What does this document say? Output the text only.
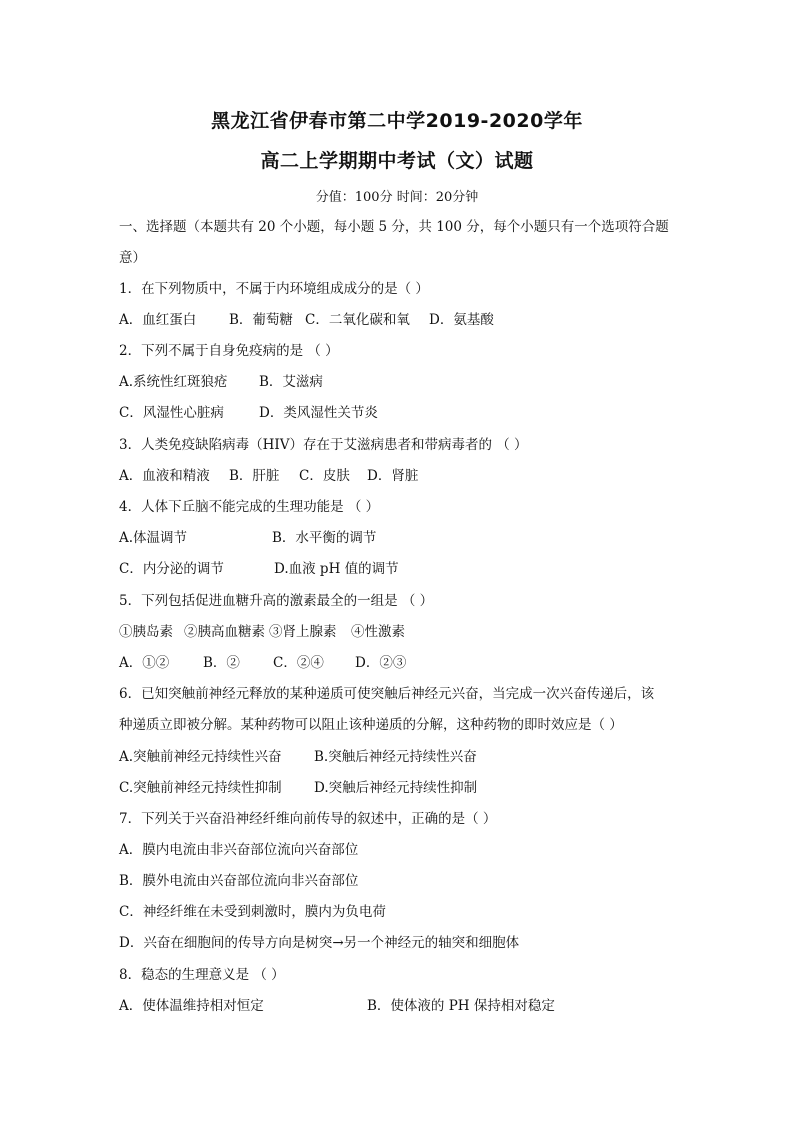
黑龙江省伊春市第二中学2019-2020学年
高二上学期期中考试（文）试题
分值：100分 时间：20分钟
一、选择题（本题共有 20 个小题，每小题 5 分，共 100 分，每个小题只有一个选项符合题
意）
1．在下列物质中，不属于内环境组成成分的是（ ）
A．血红蛋白 B．葡萄糖 C．二氧化碳和氧 D．氨基酸
2．下列不属于自身免疫病的是 （ ）
A.系统性红斑狼疮 B．艾滋病
C．风湿性心脏病	D．类风湿性关节炎
3．人类免疫缺陷病毒（HIV）存在于艾滋病患者和带病毒者的 （ ）
A．血液和精液 B．肝脏 C．皮肤 D．肾脏
4．人体下丘脑不能完成的生理功能是 （ ）
A.体温调节	B．水平衡的调节
C．内分泌的调节	D.血液 pH 值的调节
5．下列包括促进血糖升高的激素最全的一组是 （ ）
①胰岛素 ②胰高血糖素 ③肾上腺素 ④性激素
A．①②	B．② C．②④ D．②③
6．已知突触前神经元释放的某种递质可使突触后神经元兴奋，当完成一次兴奋传递后，该
种递质立即被分解。某种药物可以阻止该种递质的分解，这种药物的即时效应是（ ）
A.突触前神经元持续性兴奋 B.突触后神经元持续性兴奋
C.突触前神经元持续性抑制 D.突触后神经元持续性抑制
7．下列关于兴奋沿神经纤维向前传导的叙述中，正确的是（ ）
A．膜内电流由非兴奋部位流向兴奋部位
B．膜外电流由兴奋部位流向非兴奋部位
C．神经纤维在未受到刺激时，膜内为负电荷
D．兴奋在细胞间的传导方向是树突→另一个神经元的轴突和细胞体
8．稳态的生理意义是 （ ）
A．使体温维持相对恒定	B．使体液的 PH 保持相对稳定
